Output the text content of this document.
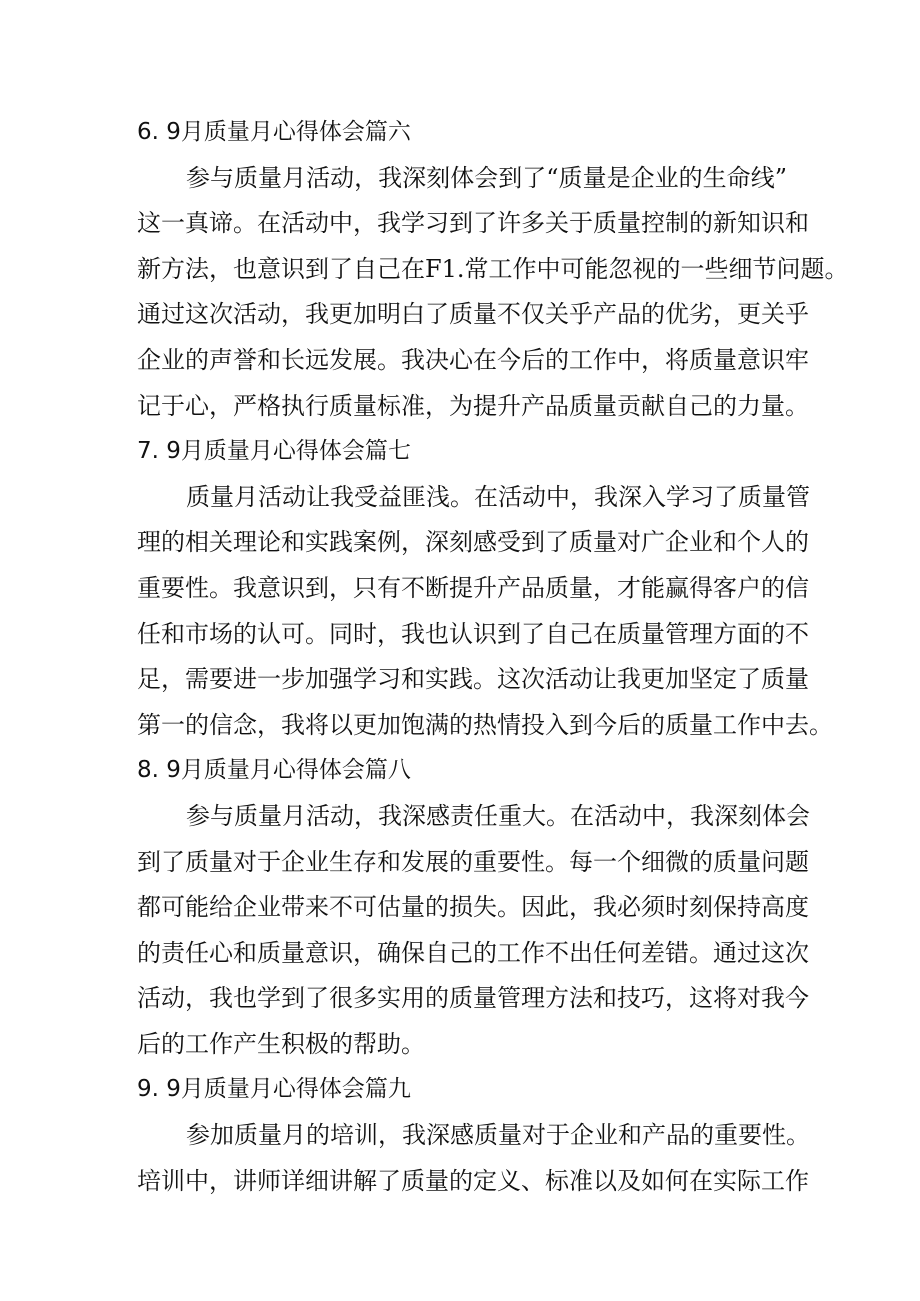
6. 9月质量月心得体会篇六
参与质量月活动，我深刻体会到了“质量是企业的生命线”
这一真谛。在活动中，我学习到了许多关于质量控制的新知识和
新方法，也意识到了自己在F1.常工作中可能忽视的一些细节问题。
通过这次活动，我更加明白了质量不仅关乎产品的优劣，更关乎
企业的声誉和长远发展。我决心在今后的工作中，将质量意识牢
记于心，严格执行质量标准，为提升产品质量贡献自己的力量。
7. 9月质量月心得体会篇七
质量月活动让我受益匪浅。在活动中，我深入学习了质量管
理的相关理论和实践案例，深刻感受到了质量对广企业和个人的
重要性。我意识到，只有不断提升产品质量，才能赢得客户的信
任和市场的认可。同时，我也认识到了自己在质量管理方面的不
足，需要进一步加强学习和实践。这次活动让我更加坚定了质量
第一的信念，我将以更加饱满的热情投入到今后的质量工作中去。
8. 9月质量月心得体会篇八
参与质量月活动，我深感责任重大。在活动中，我深刻体会
到了质量对于企业生存和发展的重要性。每一个细微的质量问题
都可能给企业带来不可估量的损失。因此，我必须时刻保持高度
的责任心和质量意识，确保自己的工作不出任何差错。通过这次
活动，我也学到了很多实用的质量管理方法和技巧，这将对我今
后的工作产生积极的帮助。
9. 9月质量月心得体会篇九
参加质量月的培训，我深感质量对于企业和产品的重要性。
培训中，讲师详细讲解了质量的定义、标准以及如何在实际工作
